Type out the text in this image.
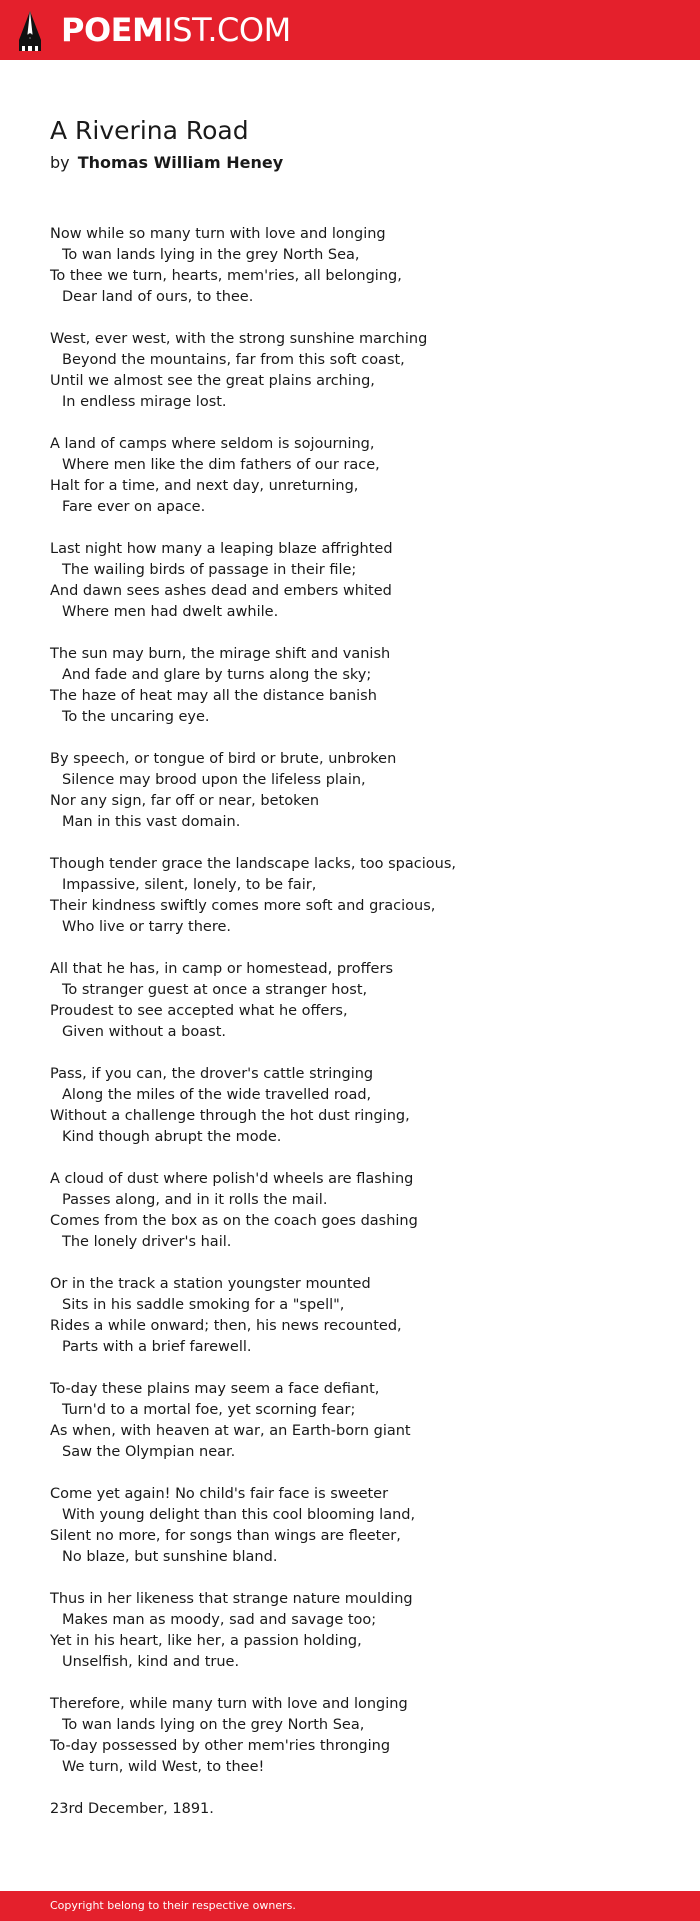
POEMIST.COM
A Riverina Road
by Thomas William Heney
Now while so many turn with love and longing
To wan lands lying in the grey North Sea,
To thee we turn, hearts, mem'ries, all belonging,
Dear land of ours, to thee.
West, ever west, with the strong sunshine marching
Beyond the mountains, far from this soft coast,
Until we almost see the great plains arching,
In endless mirage lost.
A land of camps where seldom is sojourning,
Where men like the dim fathers of our race,
Halt for a time, and next day, unreturning,
Fare ever on apace.
Last night how many a leaping blaze affrighted
The wailing birds of passage in their file;
And dawn sees ashes dead and embers whited
Where men had dwelt awhile.
The sun may burn, the mirage shift and vanish
And fade and glare by turns along the sky;
The haze of heat may all the distance banish
To the uncaring eye.
By speech, or tongue of bird or brute, unbroken
Silence may brood upon the lifeless plain,
Nor any sign, far off or near, betoken
Man in this vast domain.
Though tender grace the landscape lacks, too spacious,
Impassive, silent, lonely, to be fair,
Their kindness swiftly comes more soft and gracious,
Who live or tarry there.
All that he has, in camp or homestead, proffers
To stranger guest at once a stranger host,
Proudest to see accepted what he offers,
Given without a boast.
Pass, if you can, the drover's cattle stringing
Along the miles of the wide travelled road,
Without a challenge through the hot dust ringing,
Kind though abrupt the mode.
A cloud of dust where polish'd wheels are flashing
Passes along, and in it rolls the mail.
Comes from the box as on the coach goes dashing
The lonely driver's hail.
Or in the track a station youngster mounted
Sits in his saddle smoking for a "spell",
Rides a while onward; then, his news recounted,
Parts with a brief farewell.
To-day these plains may seem a face defiant,
Turn'd to a mortal foe, yet scorning fear;
As when, with heaven at war, an Earth-born giant
Saw the Olympian near.
Come yet again! No child's fair face is sweeter
With young delight than this cool blooming land,
Silent no more, for songs than wings are fleeter,
No blaze, but sunshine bland.
Thus in her likeness that strange nature moulding
Makes man as moody, sad and savage too;
Yet in his heart, like her, a passion holding,
Unselfish, kind and true.
Therefore, while many turn with love and longing
To wan lands lying on the grey North Sea,
To-day possessed by other mem'ries thronging
We turn, wild West, to thee!
23rd December, 1891.
Copyright belong to their respective owners.
